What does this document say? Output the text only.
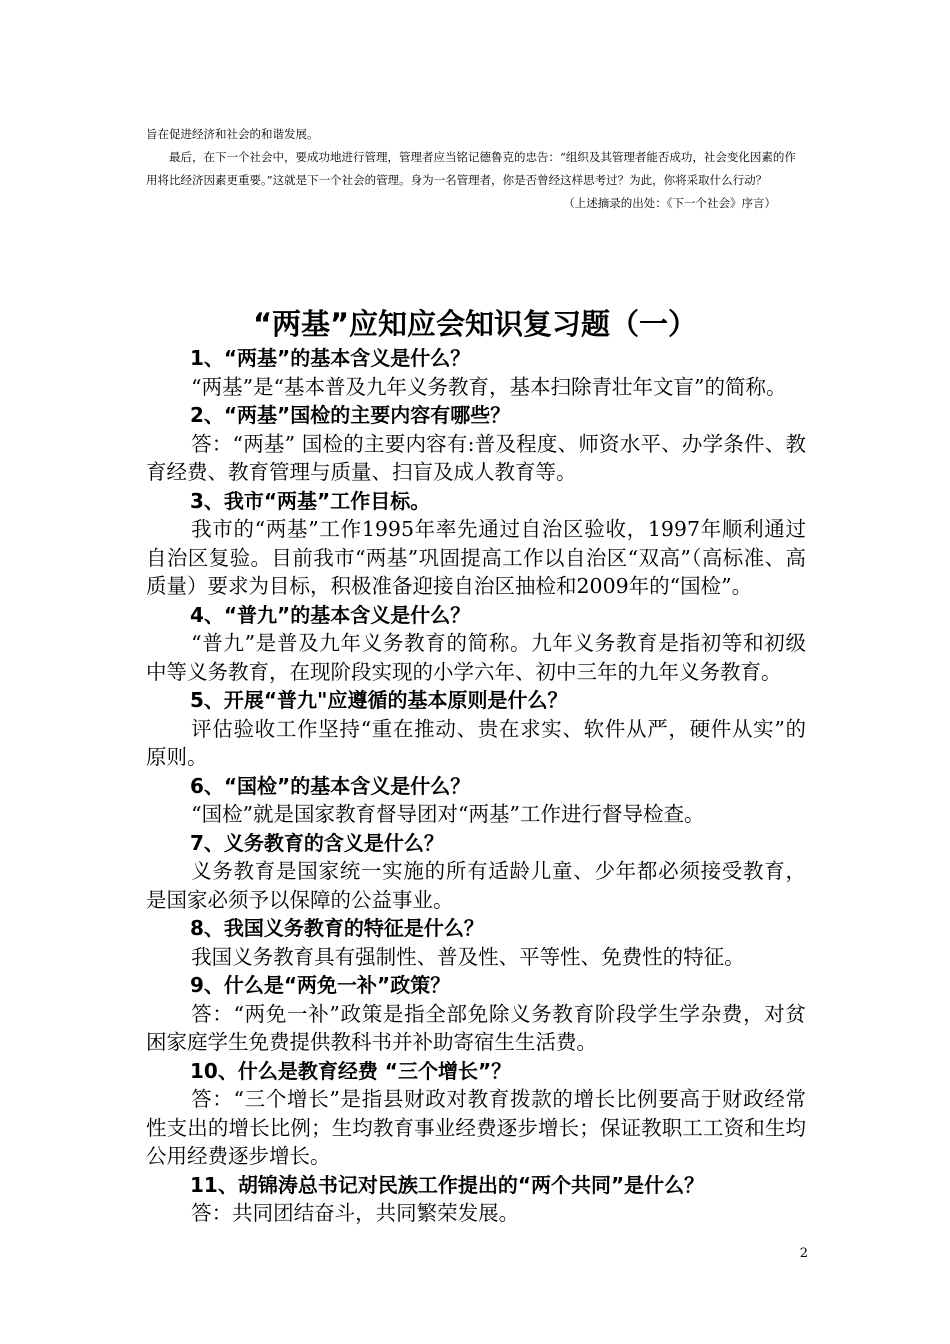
旨在促进经济和社会的和谐发展。

最后，在下一个社会中，要成功地进行管理，管理者应当铭记德鲁克的忠告：“组织及其管理者能否成功，社会变化因素的作用将比经济因素更重要。”这就是下一个社会的管理。身为一名管理者，你是否曾经这样思考过？为此，你将采取什么行动？

（上述摘录的出处：《下一个社会》序言）

“两基”应知应会知识复习题（一）

1、“两基”的基本含义是什么？

“两基”是“基本普及九年义务教育，基本扫除青壮年文盲”的简称。

2、“两基”国检的主要内容有哪些？

答：“两基” 国检的主要内容有:普及程度、师资水平、办学条件、教育经费、教育管理与质量、扫盲及成人教育等。

3、我市“两基”工作目标。

我市的“两基”工作1995年率先通过自治区验收，1997年顺利通过自治区复验。目前我市“两基”巩固提高工作以自治区“双高”（高标准、高质量）要求为目标，积极准备迎接自治区抽检和2009年的“国检”。

4、“普九”的基本含义是什么？

“普九”是普及九年义务教育的简称。九年义务教育是指初等和初级中等义务教育，在现阶段实现的小学六年、初中三年的九年义务教育。

5、开展“普九"应遵循的基本原则是什么？

评估验收工作坚持“重在推动、贵在求实、软件从严，硬件从实”的原则。

6、“国检”的基本含义是什么？

“国检”就是国家教育督导团对“两基”工作进行督导检查。

7、义务教育的含义是什么？

义务教育是国家统一实施的所有适龄儿童、少年都必须接受教育，是国家必须予以保障的公益事业。

8、我国义务教育的特征是什么？

我国义务教育具有强制性、普及性、平等性、免费性的特征。

9、什么是“两免一补”政策？

答：“两免一补”政策是指全部免除义务教育阶段学生学杂费，对贫困家庭学生免费提供教科书并补助寄宿生生活费。

10、什么是教育经费 “三个增长”？

答：“三个增长”是指县财政对教育拨款的增长比例要高于财政经常性支出的增长比例；生均教育事业经费逐步增长；保证教职工工资和生均公用经费逐步增长。

11、胡锦涛总书记对民族工作提出的“两个共同”是什么？

答：共同团结奋斗，共同繁荣发展。

2
